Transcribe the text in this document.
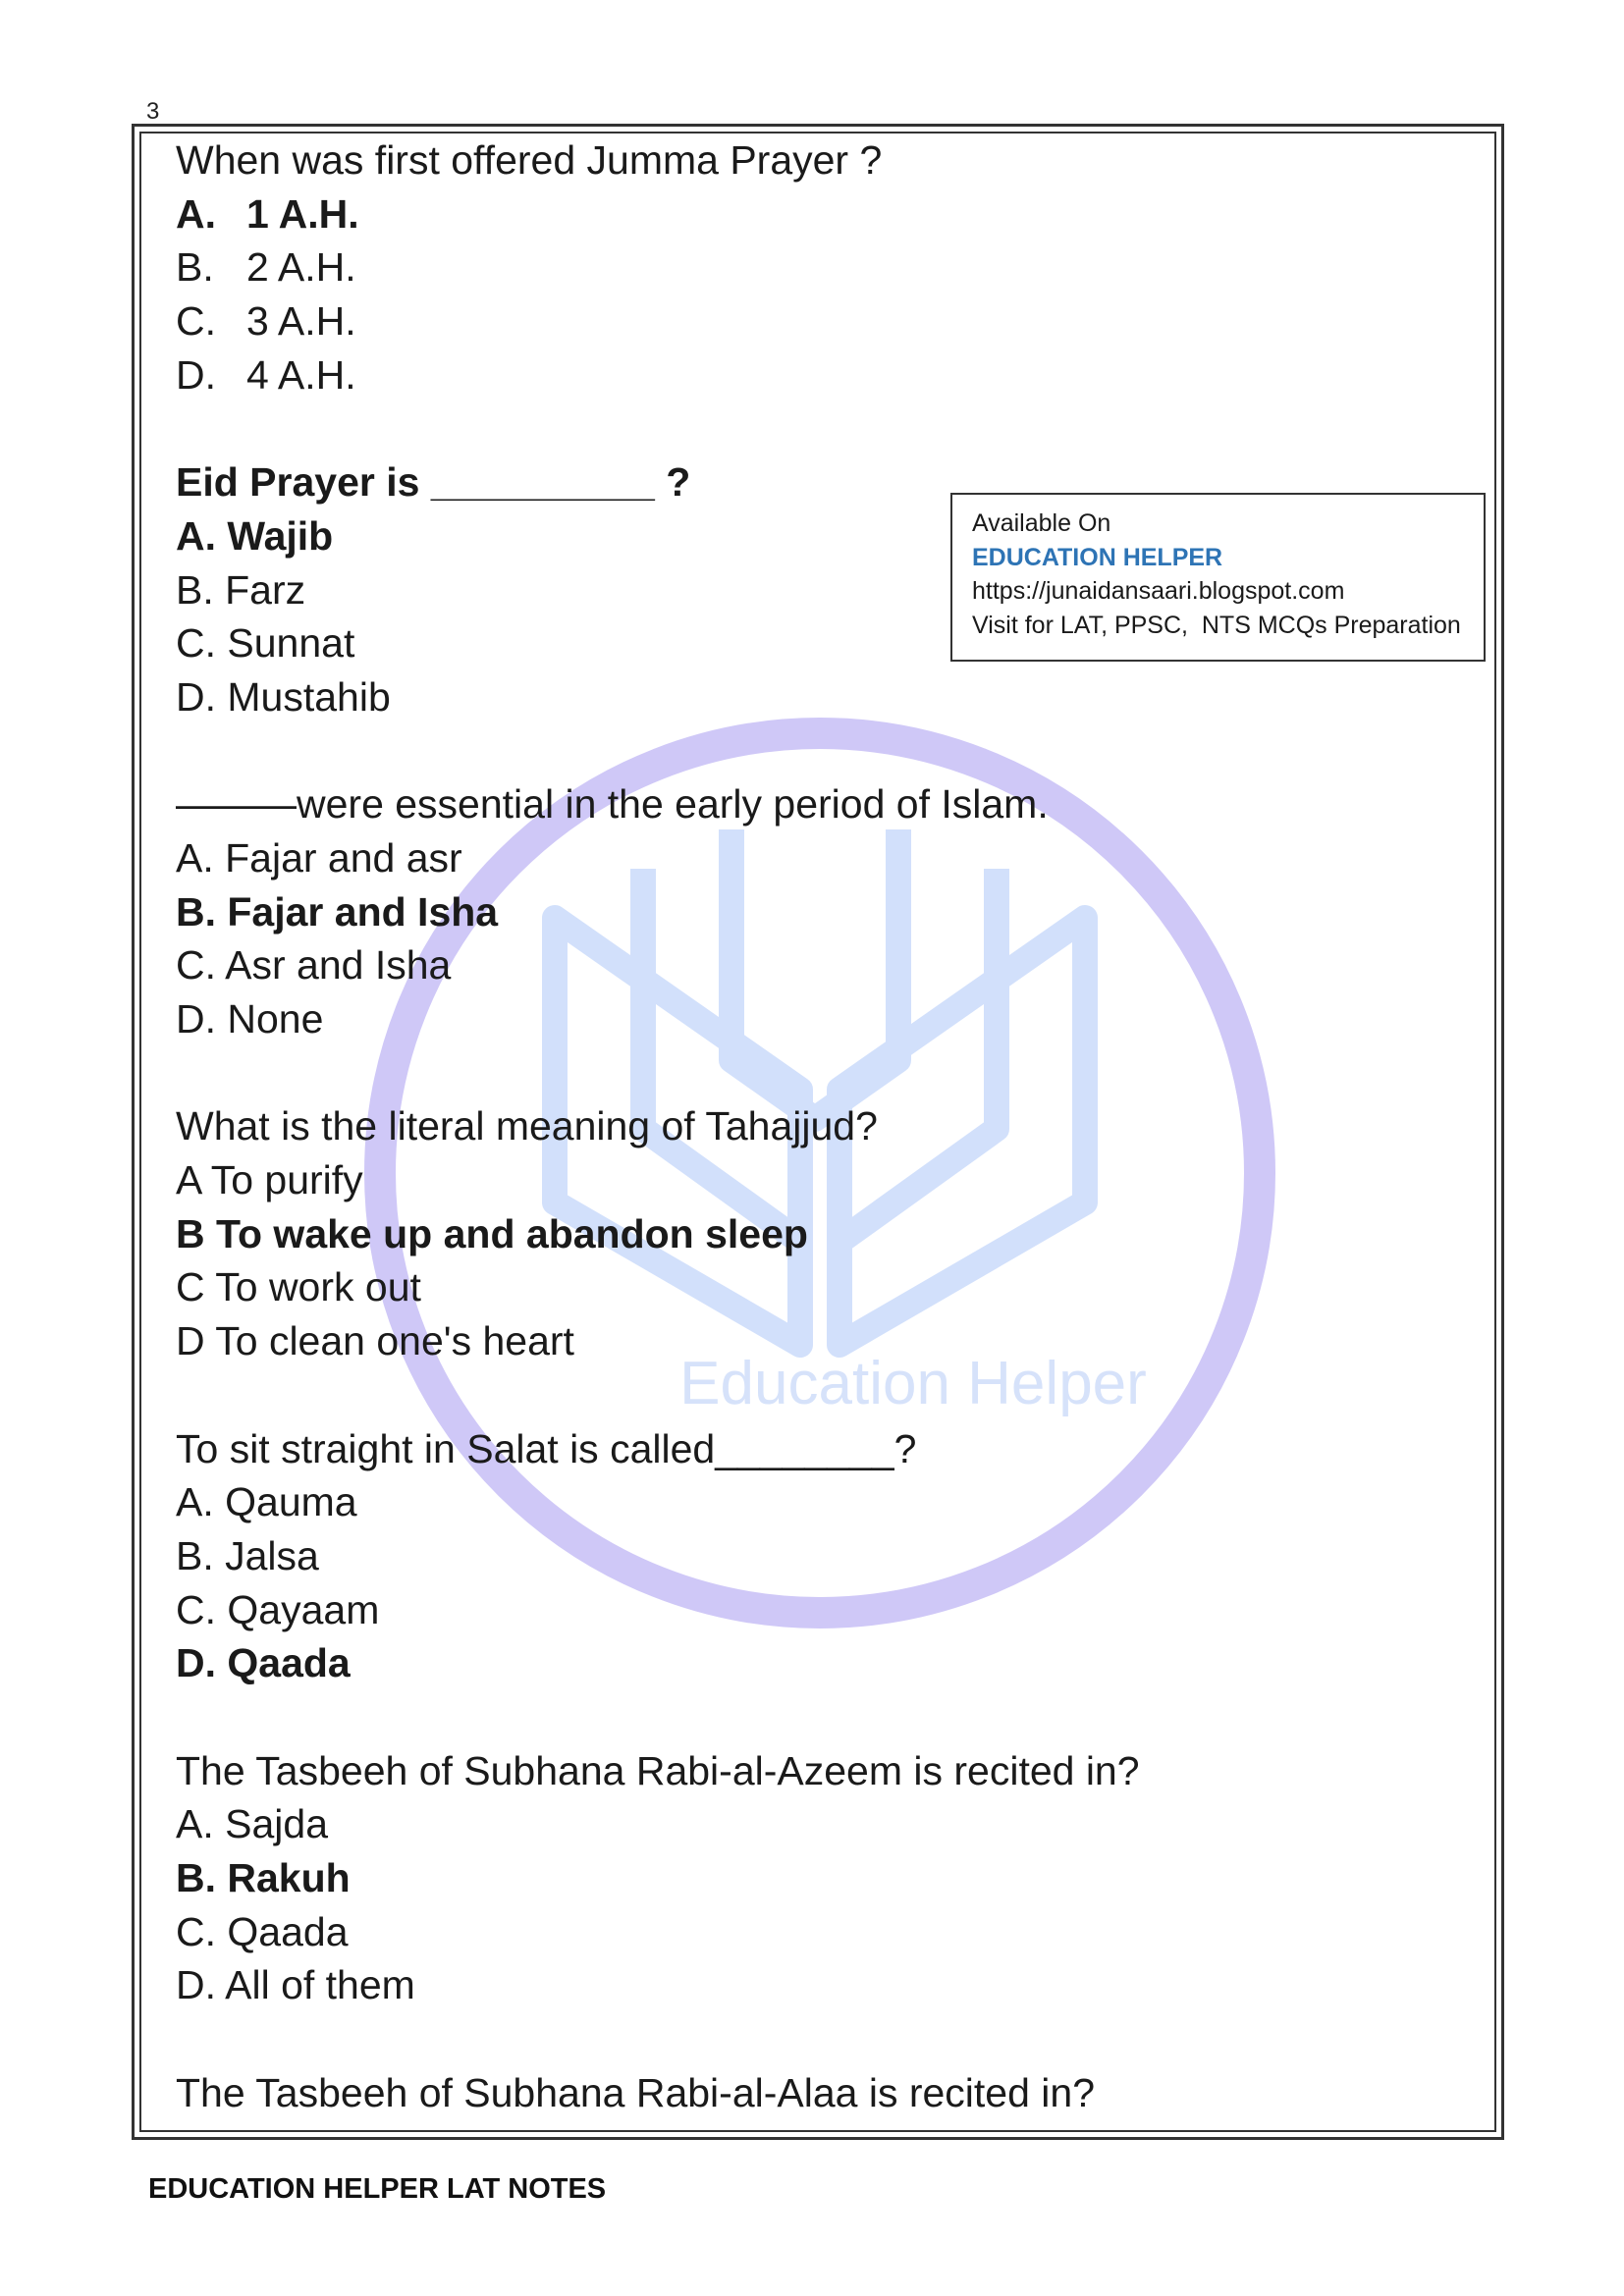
3
Education Helper
When was first offered Jumma Prayer ?
A. 1 A.H.
B. 2 A.H.
C. 3 A.H.
D. 4 A.H.
Eid Prayer is __________ ?
A. Wajib
B. Farz
C. Sunnat
D. Mustahib
———were essential in the early period of Islam.
A. Fajar and asr
B. Fajar and Isha
C. Asr and Isha
D. None
What is the literal meaning of Tahajjud?
A To purify
B To wake up and abandon sleep
C To work out
D To clean one's heart
To sit straight in Salat is called________?
A. Qauma
B. Jalsa
C. Qayaam
D. Qaada
The Tasbeeh of Subhana Rabi-al-Azeem is recited in?
A. Sajda
B. Rakuh
C. Qaada
D. All of them
The Tasbeeh of Subhana Rabi-al-Alaa is recited in?
Available On
EDUCATION HELPER
https://junaidansaari.blogspot.com
Visit for LAT, PPSC,  NTS MCQs Preparation
EDUCATION HELPER LAT NOTES
